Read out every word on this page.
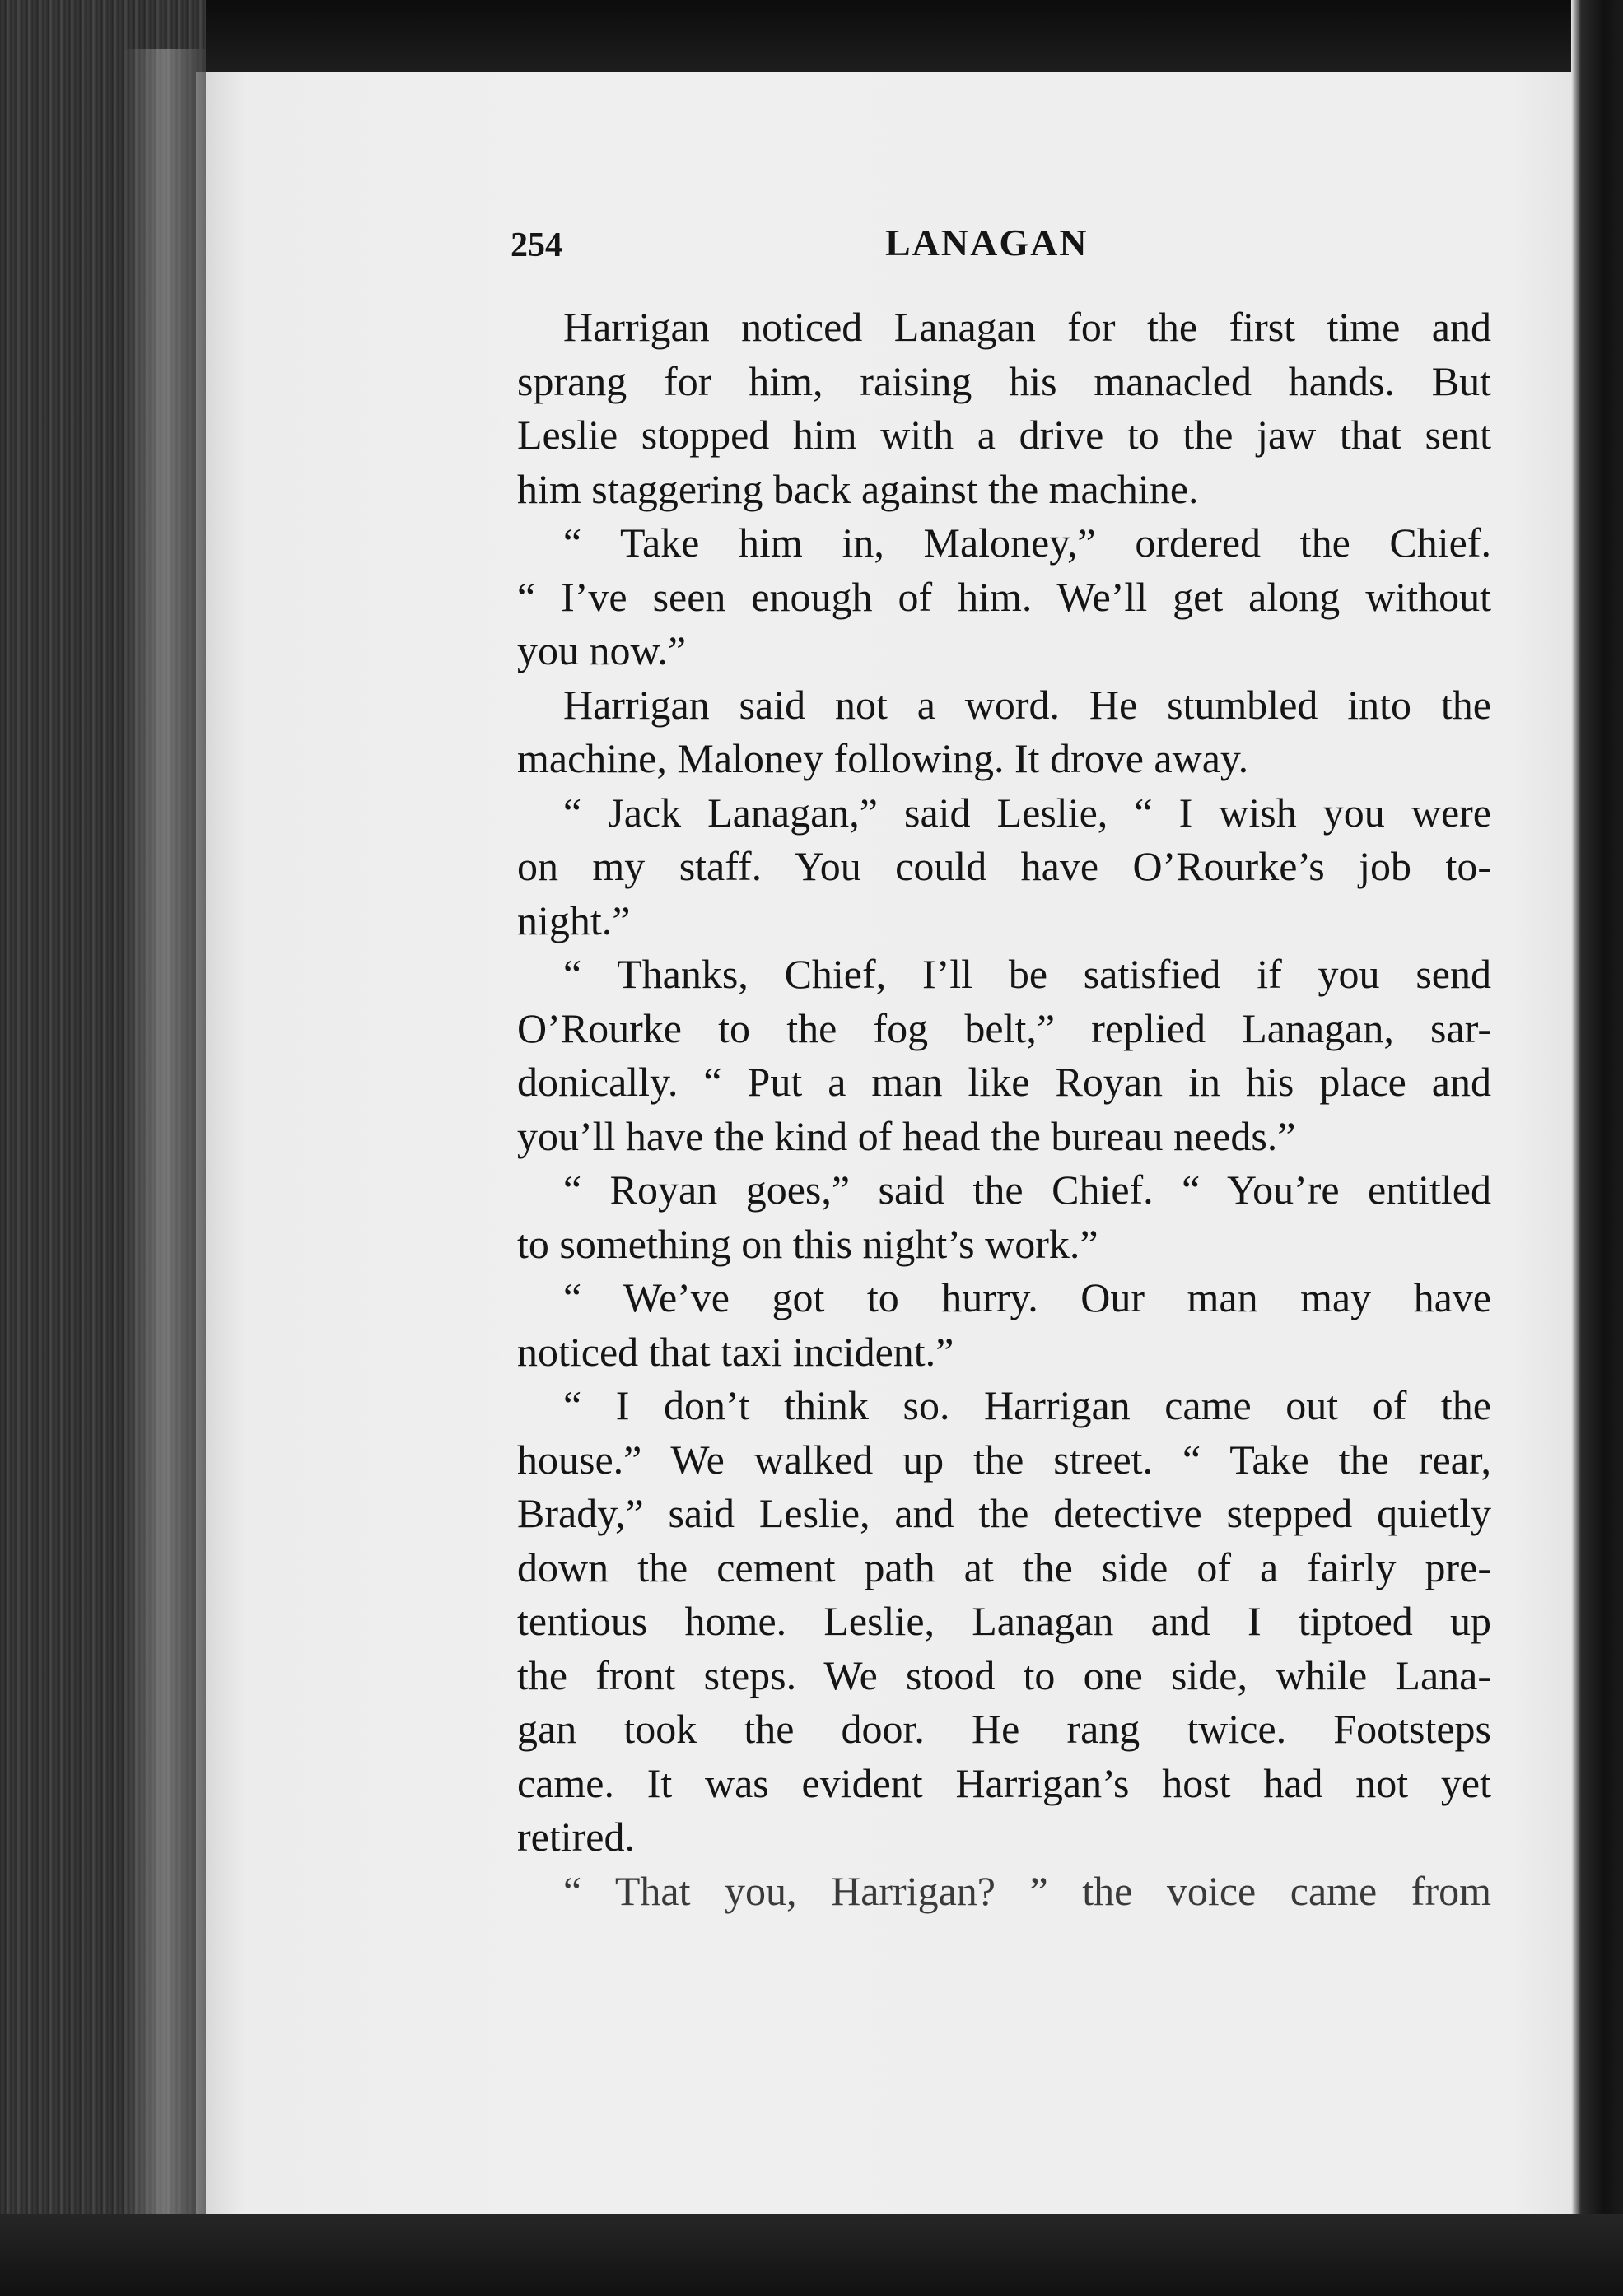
254	LANAGAN
Harrigan noticed Lanagan for the first time and
sprang for him, raising his manacled hands. But
Leslie stopped him with a drive to the jaw that sent
him staggering back against the machine.
“ Take him in, Maloney,” ordered the Chief.
“ I’ve seen enough of him. We’ll get along without
you now.”
Harrigan said not a word. He stumbled into the
machine, Maloney following. It drove away.
“ Jack Lanagan,” said Leslie, “ I wish you were
on my staff. You could have O’Rourke’s job to-
night.”
“ Thanks, Chief, I’ll be satisfied if you send
O’Rourke to the fog belt,” replied Lanagan, sar-
donically. “ Put a man like Royan in his place and
you’ll have the kind of head the bureau needs.”
“ Royan goes,” said the Chief. “ You’re entitled
to something on this night’s work.”
“ We’ve got to hurry. Our man may have
noticed that taxi incident.”
“ I don’t think so. Harrigan came out of the
house.” We walked up the street. “ Take the rear,
Brady,” said Leslie, and the detective stepped quietly
down the cement path at the side of a fairly pre-
tentious home. Leslie, Lanagan and I tiptoed up
the front steps. We stood to one side, while Lana-
gan took the door. He rang twice. Footsteps
came. It was evident Harrigan’s host had not yet
retired.
“ That you, Harrigan? ” the voice came from
